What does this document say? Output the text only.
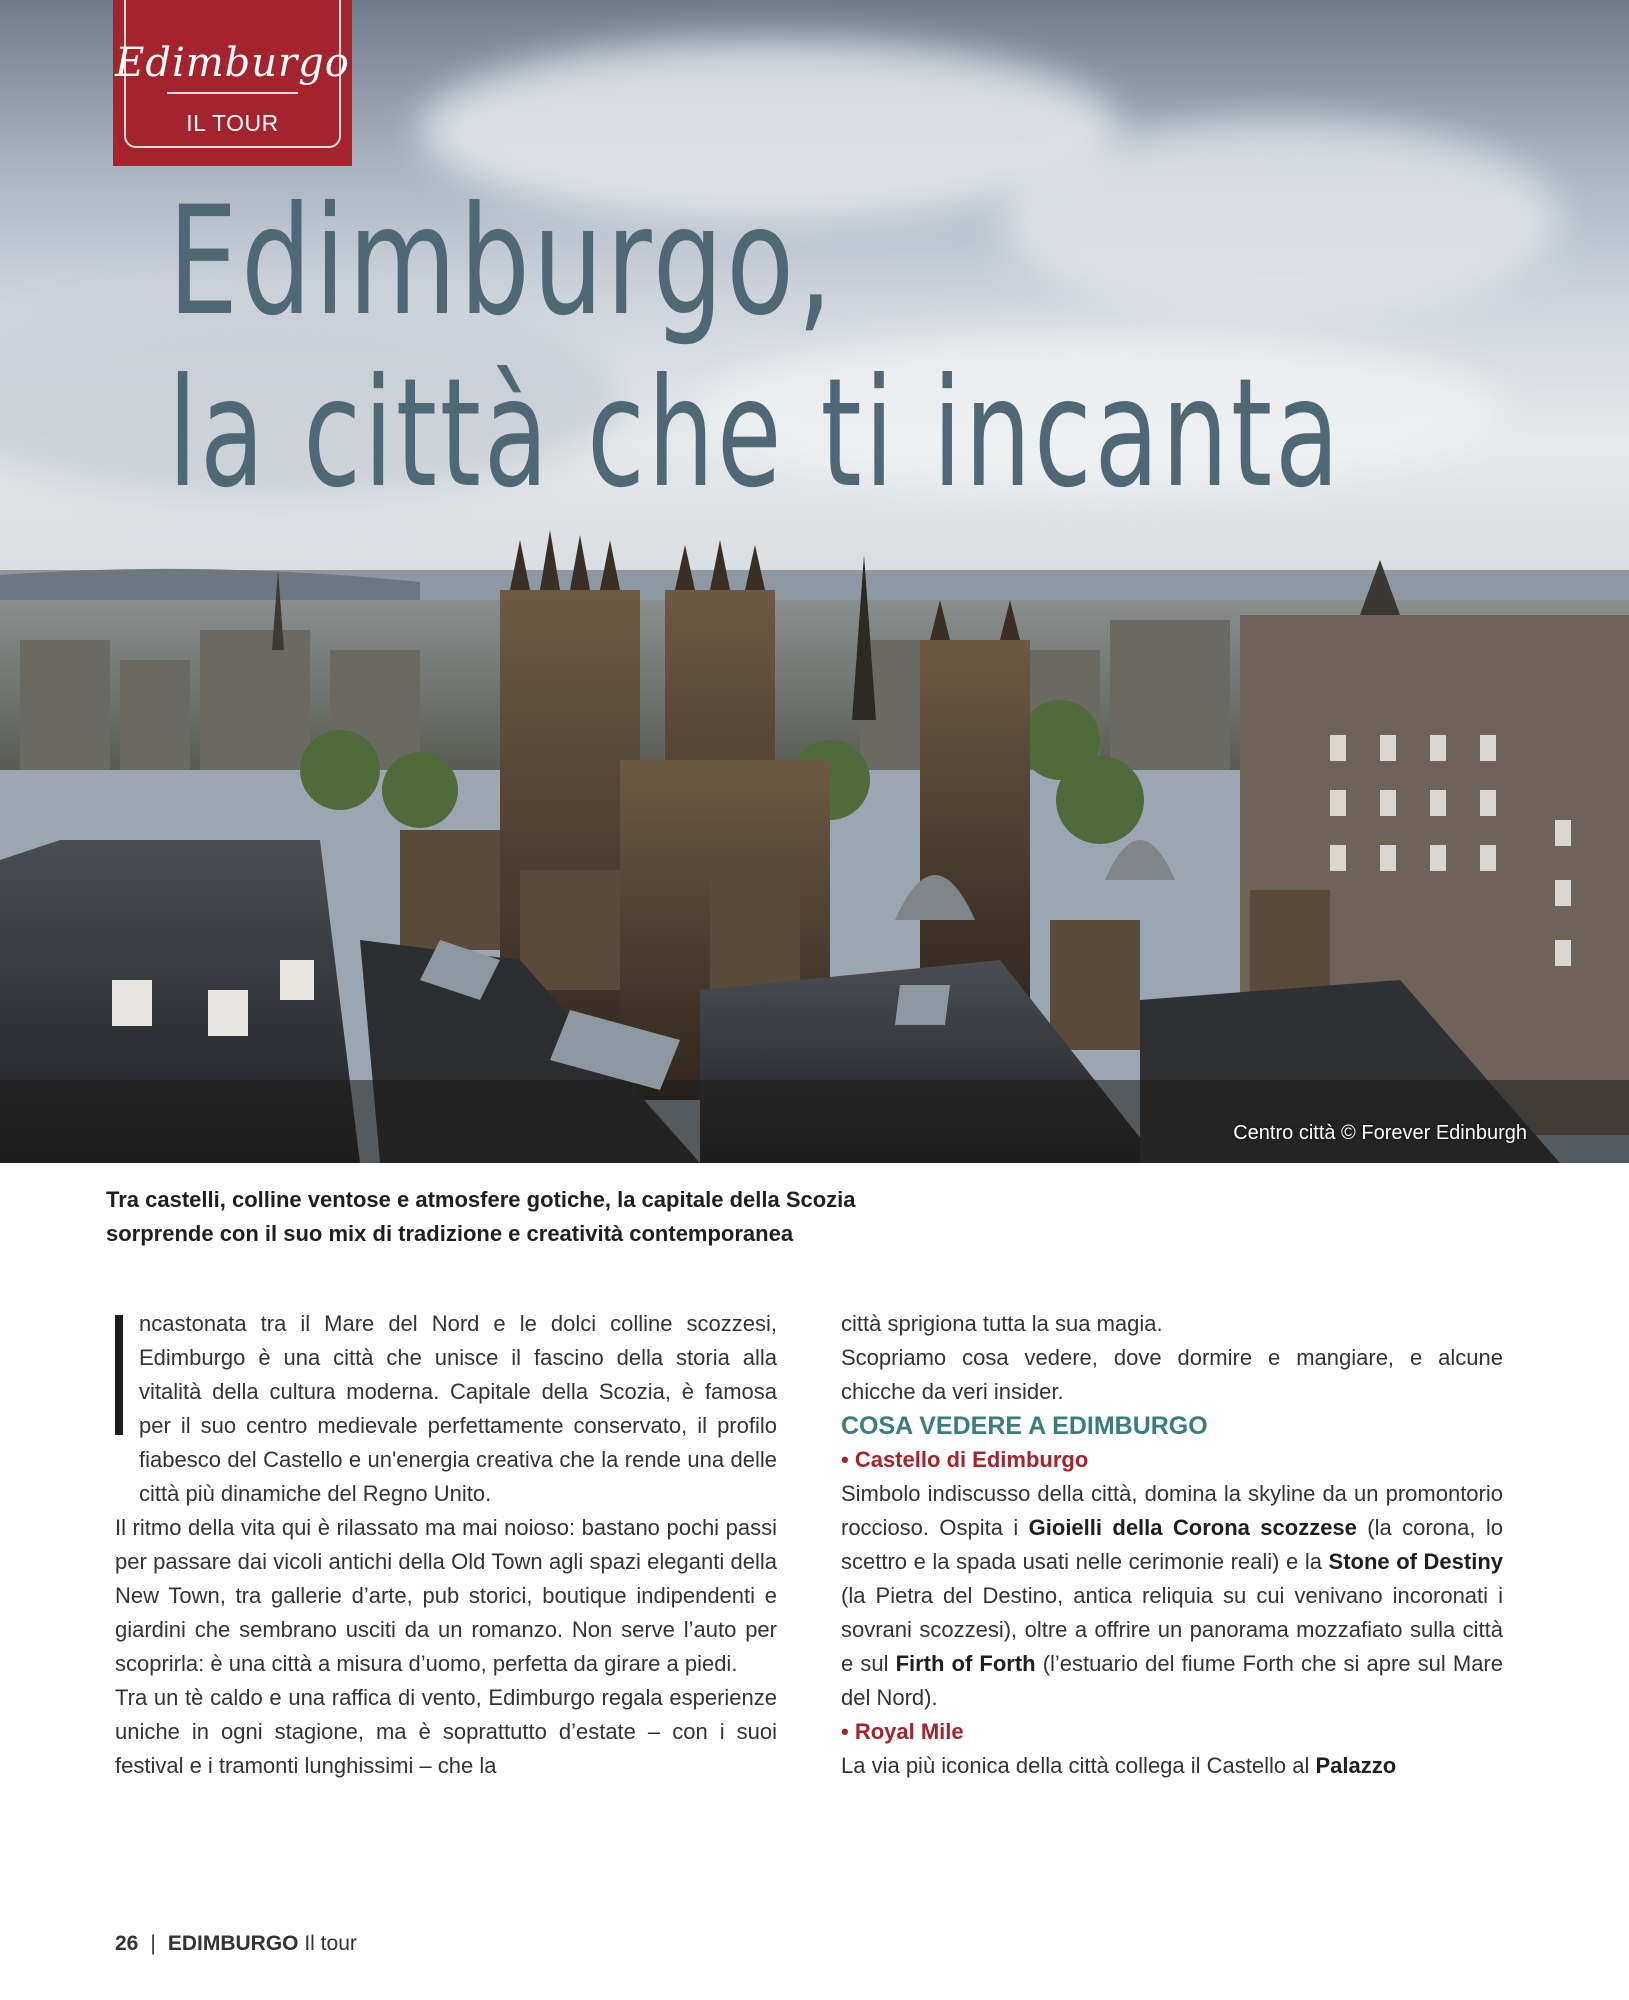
Edimburgo
IL TOUR
Edimburgo,
la città che ti incanta
Centro città © Forever Edinburgh

Tra castelli, colline ventose e atmosfere gotiche, la capitale della Scozia
sorprende con il suo mix di tradizione e creatività contemporanea

ncastonata tra il Mare del Nord e le dolci colline scozzesi, Edimburgo è una città che unisce il fascino della storia alla vitalità della cultura moderna. Capitale della Scozia, è famosa per il suo centro medievale perfettamente conservato, il profilo fiabesco del Castello e un'energia creativa che la rende una delle città più dinamiche del Regno Unito.

Il ritmo della vita qui è rilassato ma mai noioso: bastano pochi passi per passare dai vicoli antichi della Old Town agli spazi eleganti della New Town, tra gallerie d’arte, pub storici, boutique indipendenti e giardini che sembrano usciti da un romanzo. Non serve l’auto per scoprirla: è una città a misura d’uomo, perfetta da girare a piedi.

Tra un tè caldo e una raffica di vento, Edimburgo regala esperienze uniche in ogni stagione, ma è soprattutto d’estate – con i suoi festival e i tramonti lunghissimi – che la

città sprigiona tutta la sua magia.

Scopriamo cosa vedere, dove dormire e mangiare, e alcune chicche da veri insider.

COSA VEDERE A EDIMBURGO

• Castello di Edimburgo

Simbolo indiscusso della città, domina la skyline da un promontorio roccioso. Ospita i Gioielli della Corona scozzese (la corona, lo scettro e la spada usati nelle cerimonie reali) e la Stone of Destiny (la Pietra del Destino, antica reliquia su cui venivano incoronati i sovrani scozzesi), oltre a offrire un panorama mozzafiato sulla città e sul Firth of Forth (l’estuario del fiume Forth che si apre sul Mare del Nord).

• Royal Mile

La via più iconica della città collega il Castello al Palazzo

26 | EDIMBURGO Il tour
